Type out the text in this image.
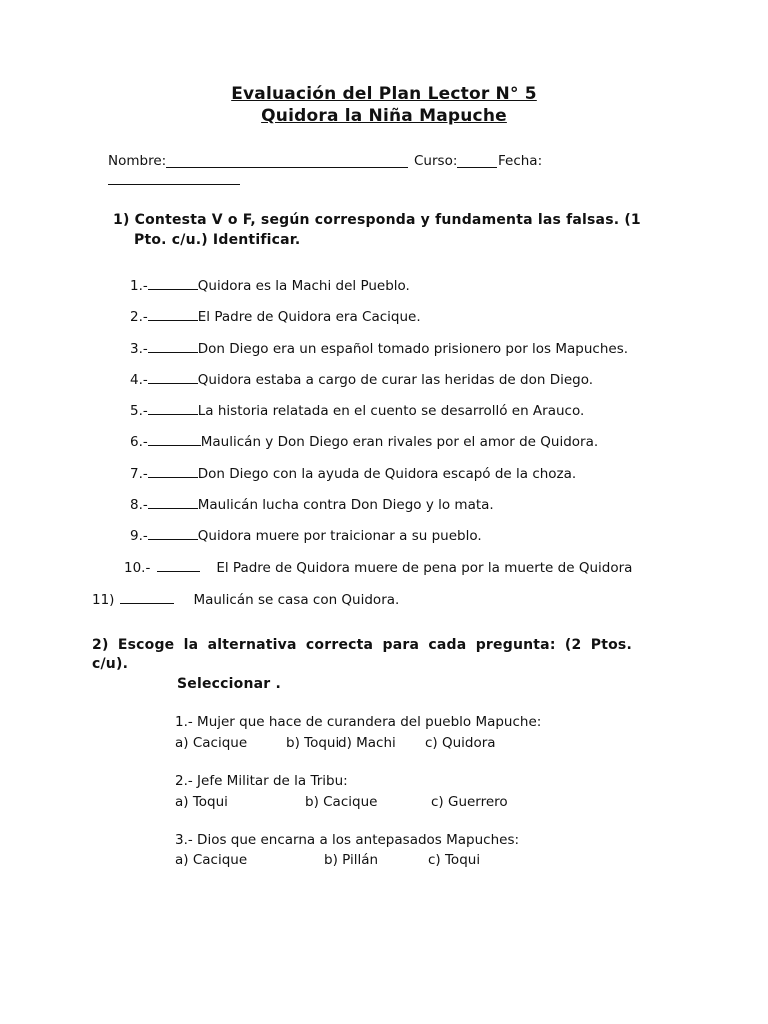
Evaluación del Plan Lector N° 5
Quidora la Niña Mapuche
Nombre:	Curso:	Fecha:
1) Contesta V o F, según corresponda y fundamenta las falsas. (1
Pto. c/u.) Identificar.
1.-	Quidora es la Machi del Pueblo.
2.-	El Padre de Quidora era Cacique.
3.-	Don Diego era un español tomado prisionero por los Mapuches.
4.-	Quidora estaba a cargo de curar las heridas de don Diego.
5.-	La historia relatada en el cuento se desarrolló en Arauco.
6.-	Maulicán y Don Diego eran rivales por el amor de Quidora.
7.-	Don Diego con la ayuda de Quidora escapó de la choza.
8.-	Maulicán lucha contra Don Diego y lo mata.
9.-	Quidora muere por traicionar a su pueblo.
10.-	El Padre de Quidora muere de pena por la muerte de Quidora
11)	Maulicán se casa con Quidora.
2) Escoge la alternativa correcta para cada pregunta: (2 Ptos.
c/u).
Seleccionar .
1.- Mujer que hace de curandera del pueblo Mapuche:
a) Cacique	b) Toqui
d) Machi c) Quidora
2.- Jefe Militar de la Tribu:
a) Toqui	b) Cacique	c) Guerrero
3.- Dios que encarna a los antepasados Mapuches:
a) Cacique	b) Pillán	c) Toqui
